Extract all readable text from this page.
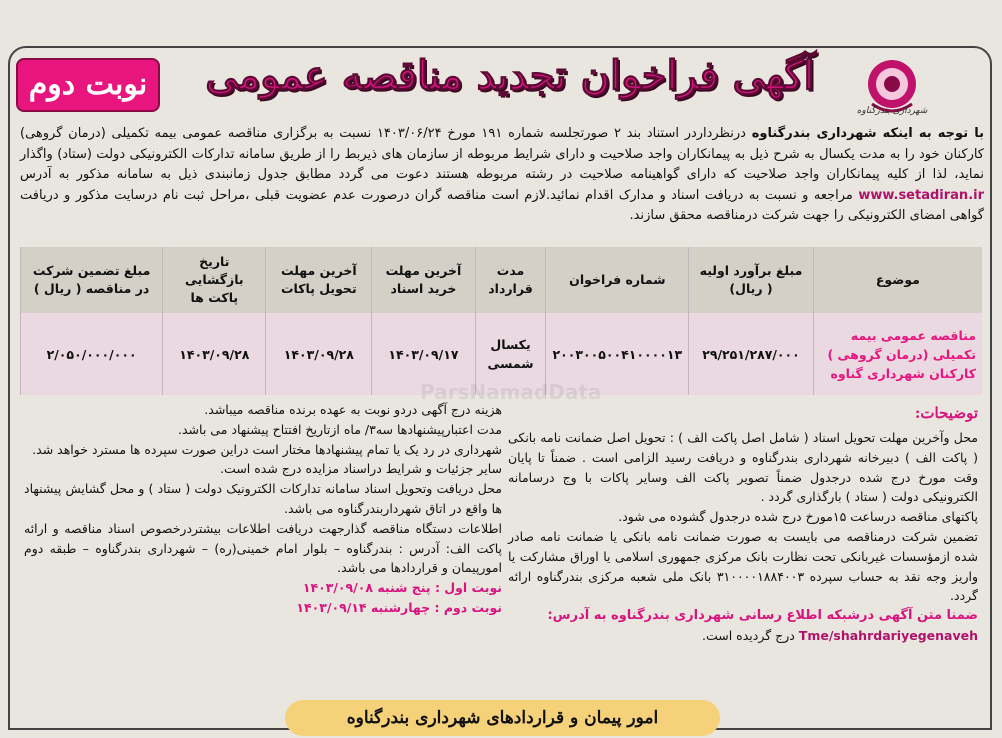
نوبت دوم	آگهی فراخوان تجدید مناقصه عمومی
شهرداری بندرگناوه
با توجه به اینکه شهرداری بندرگناوه درنظرداردر استناد بند ۲ صورتجلسه شماره ۱۹۱ مورخ ۱۴۰۳/۰۶/۲۴ نسبت به برگزاری مناقصه عمومی بیمه تکمیلی (درمان گروهی) کارکنان خود را به مدت یکسال به شرح ذیل به پیمانکاران واجد صلاحیت و دارای شرایط مربوطه از سازمان های ذیربط را از طریق سامانه تدارکات الکترونیکی دولت (ستاد) واگذار نماید، لذا از کلیه پیمانکاران واجد صلاحیت که دارای گواهینامه صلاحیت در رشته مربوطه هستند دعوت می گردد مطابق جدول زمانبندی ذیل به سامانه مذکور به آدرس www.setadiran.ir مراجعه و نسبت به دریافت اسناد و مدارک اقدام نمائید.لازم است مناقصه گران درصورت عدم عضویت قبلی ،مراحل ثبت نام درسایت مذکور و دریافت گواهی امضای الکترونیکی را جهت شرکت درمناقصه محقق سازند.
موضوع	مبلغ برآورد اولیه ( ریال)	شماره فراخوان	مدت قرارداد	آخرین مهلت خرید اسناد	آخرین مهلت تحویل پاکات	تاریخ بازگشایی پاکت ها	مبلغ تضمین شرکت در مناقصه ( ریال )
مناقصه عمومی بیمه تکمیلی (درمان گروهی ) کارکنان شهرداری گناوه	۲۹/۲۵۱/۲۸۷/۰۰۰	۲۰۰۳۰۰۵۰۰۴۱۰۰۰۰۱۳	یکسال شمسی	۱۴۰۳/۰۹/۱۷	۱۴۰۳/۰۹/۲۸	۱۴۰۳/۰۹/۲۸	۲/۰۵۰/۰۰۰/۰۰۰
توضیحات:

محل وآخرین مهلت تحویل اسناد ( شامل اصل پاکت الف ) : تحویل اصل ضمانت نامه بانکی ( پاکت الف ) دبیرخانه شهرداری بندرگناوه و دریافت رسید الزامی است . ضمناً تا پایان وقت مورخ درج شده درجدول ضمناً تصویر پاکت الف وسایر پاکات با وج درسامانه الکترونیکی دولت ( ستاد ) بارگذاری گردد .

پاکتهای مناقصه درساعت ۱۵مورخ درج شده درجدول گشوده می شود.

تضمین شرکت درمناقصه می بایست به صورت ضمانت نامه بانکی یا ضمانت نامه صادر شده ازمؤسسات غیربانکی تحت نظارت بانک مرکزی جمهوری اسلامی یا اوراق مشارکت یا واریز وجه نقد به حساب سپرده ۳۱۰۰۰۰۱۸۸۴۰۰۳ بانک ملی شعبه مرکزی بندرگناوه ارائه گردد.

ضمنا متن آگهی درشبکه اطلاع رسانی شهرداری بندرگناوه به آدرس:

Tme/shahrdariyegenaveh درج گردیده است.

هزینه درج آگهی دردو نوبت به عهده برنده مناقصه میباشد.

مدت اعتبارپیشنهادها سه۳/ ماه ازتاریخ افتتاح پیشنهاد می باشد.

شهرداری در رد یک یا تمام پیشنهادها مختار است دراین صورت سپرده ها مسترد خواهد شد.

سایر جزئیات و شرایط دراسناد مزایده درج شده است.

محل دریافت وتحویل اسناد سامانه تدارکات الکترونیک دولت ( ستاد ) و محل گشایش پیشنهاد ها واقع در اتاق شهرداربندرگناوه می باشد.

اطلاعات دستگاه مناقصه گذارجهت دریافت اطلاعات بیشتردرخصوص اسناد مناقصه و ارائه پاکت الف: آدرس : بندرگناوه – بلوار امام خمینی(ره) – شهرداری بندرگناوه – طبقه دوم امورپیمان و قراردادها می باشد.

نوبت اول : پنج شنبه ۱۴۰۳/۰۹/۰۸

نوبت دوم : چهارشنبه ۱۴۰۳/۰۹/۱۴

امور پیمان و قراردادهای شهرداری بندرگناوه
